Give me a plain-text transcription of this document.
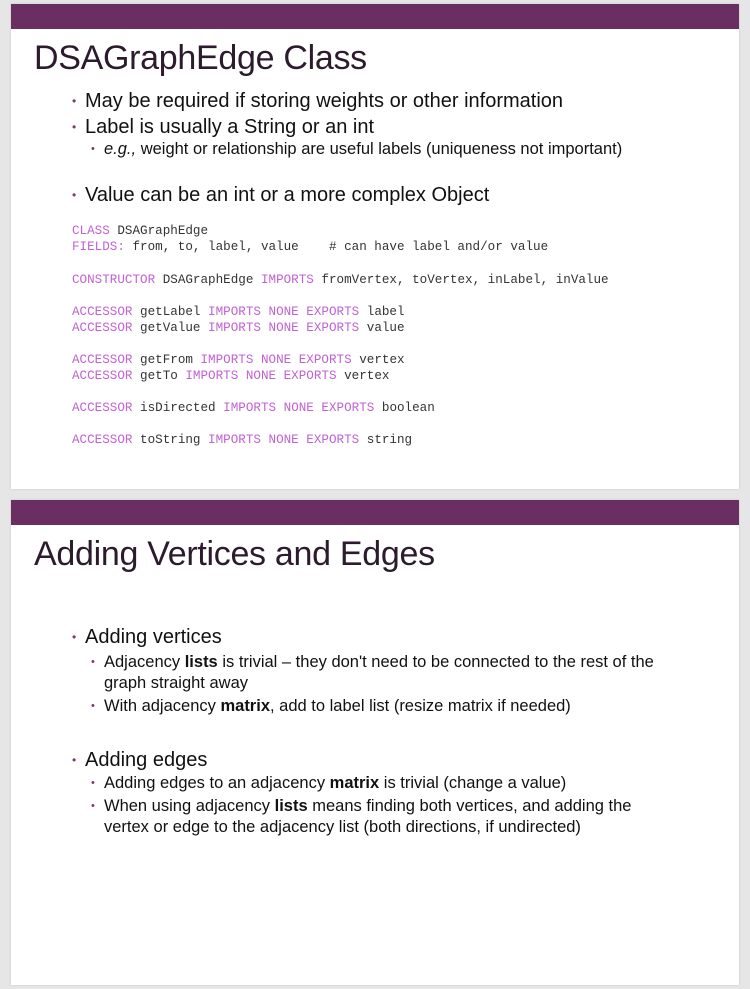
DSAGraphEdge Class
• May be required if storing weights or other information
• Label is usually a String or an int
• e.g., weight or relationship are useful labels (uniqueness not important)
• Value can be an int or a more complex Object
CLASS DSAGraphEdge
FIELDS: from, to, label, value    # can have label and/or value
CONSTRUCTOR DSAGraphEdge IMPORTS fromVertex, toVertex, inLabel, inValue
ACCESSOR getLabel IMPORTS NONE EXPORTS label
ACCESSOR getValue IMPORTS NONE EXPORTS value
ACCESSOR getFrom IMPORTS NONE EXPORTS vertex
ACCESSOR getTo IMPORTS NONE EXPORTS vertex
ACCESSOR isDirected IMPORTS NONE EXPORTS boolean
ACCESSOR toString IMPORTS NONE EXPORTS string
Adding Vertices and Edges
• Adding vertices
• Adjacency lists is trivial – they don't need to be connected to the rest of the
graph straight away
• With adjacency matrix, add to label list (resize matrix if needed)
• Adding edges
• Adding edges to an adjacency matrix is trivial (change a value)
• When using adjacency lists means finding both vertices, and adding the
vertex or edge to the adjacency list (both directions, if undirected)
